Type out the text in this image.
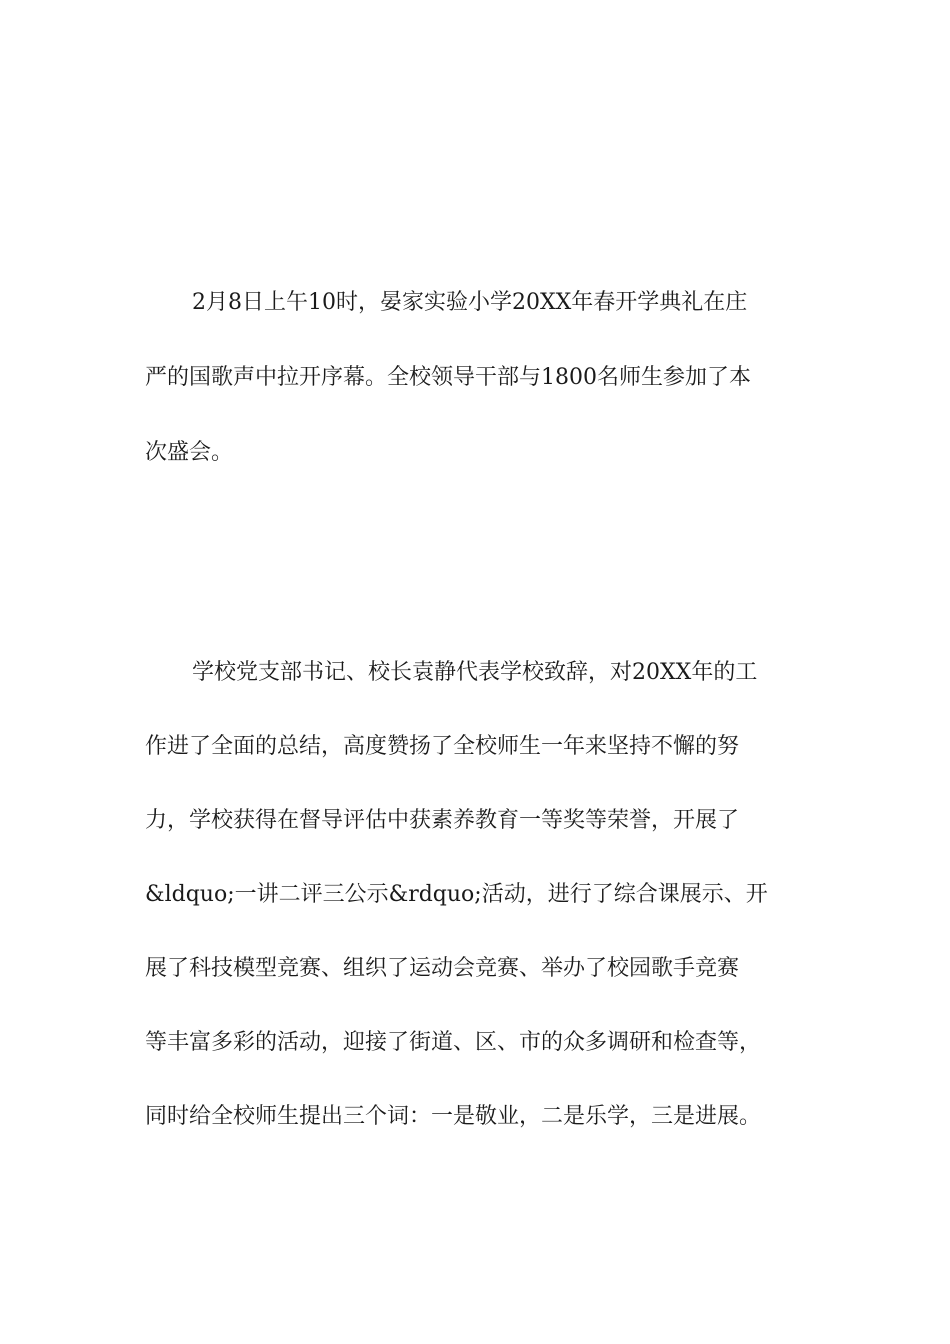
2月8日上午10时，晏家实验小学20XX年春开学典礼在庄
严的国歌声中拉开序幕。全校领导干部与1800名师生参加了本
次盛会。
学校党支部书记、校长袁静代表学校致辞，对20XX年的工
作进了全面的总结，高度赞扬了全校师生一年来坚持不懈的努
力，学校获得在督导评估中获素养教育一等奖等荣誉，开展了
&ldquo;一讲二评三公示&rdquo;活动，进行了综合课展示、开
展了科技模型竞赛、组织了运动会竞赛、举办了校园歌手竞赛
等丰富多彩的活动，迎接了街道、区、市的众多调研和检查等，
同时给全校师生提出三个词：一是敬业，二是乐学，三是进展。
